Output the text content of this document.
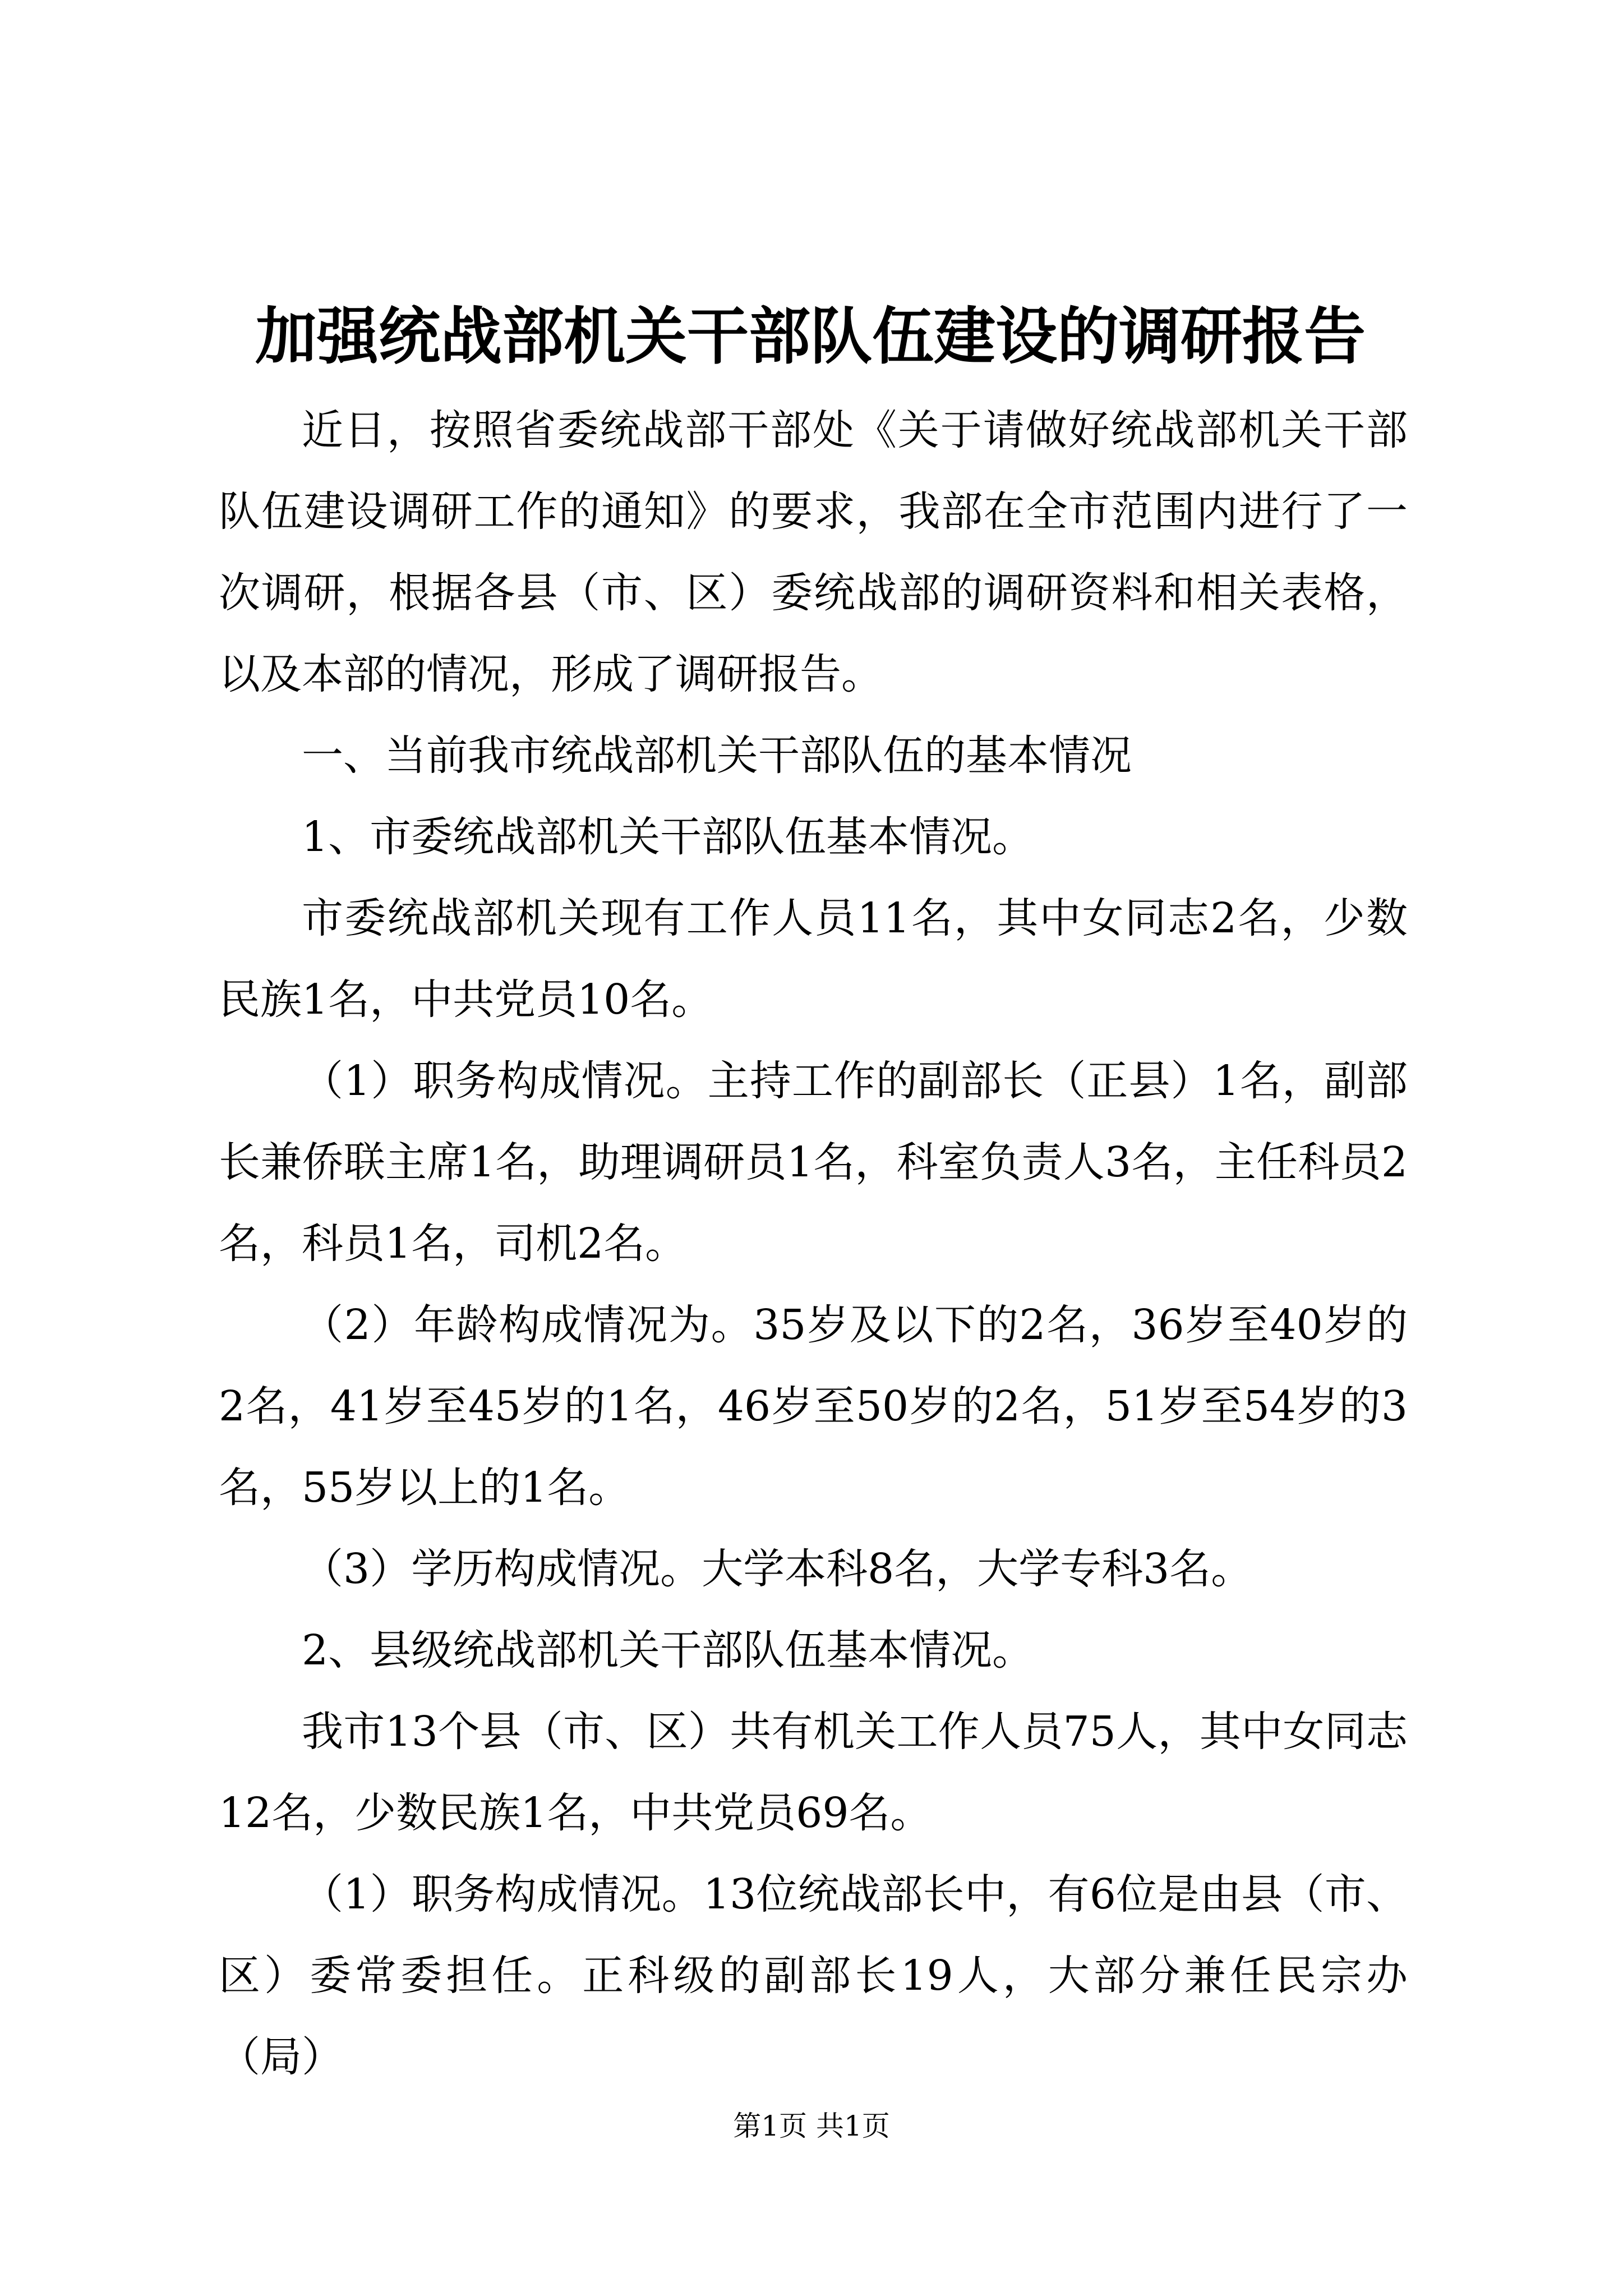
加强统战部机关干部队伍建设的调研报告

近日，按照省委统战部干部处《关于请做好统战部机关干部队伍建设调研工作的通知》的要求，我部在全市范围内进行了一次调研，根据各县（市、区）委统战部的调研资料和相关表格，以及本部的情况，形成了调研报告。

一、当前我市统战部机关干部队伍的基本情况

1、市委统战部机关干部队伍基本情况。

市委统战部机关现有工作人员11名，其中女同志2名，少数民族1名，中共党员10名。

（1）职务构成情况。主持工作的副部长（正县）1名，副部长兼侨联主席1名，助理调研员1名，科室负责人3名，主任科员2名，科员1名，司机2名。

（2）年龄构成情况为。35岁及以下的2名，36岁至40岁的2名，41岁至45岁的1名，46岁至50岁的2名，51岁至54岁的3名，55岁以上的1名。

（3）学历构成情况。大学本科8名，大学专科3名。

2、县级统战部机关干部队伍基本情况。

我市13个县（市、区）共有机关工作人员75人，其中女同志12名，少数民族1名，中共党员69名。

（1）职务构成情况。13位统战部长中，有6位是由县（市、区）委常委担任。正科级的副部长19人，大部分兼任民宗办（局）

第1页 共1页
